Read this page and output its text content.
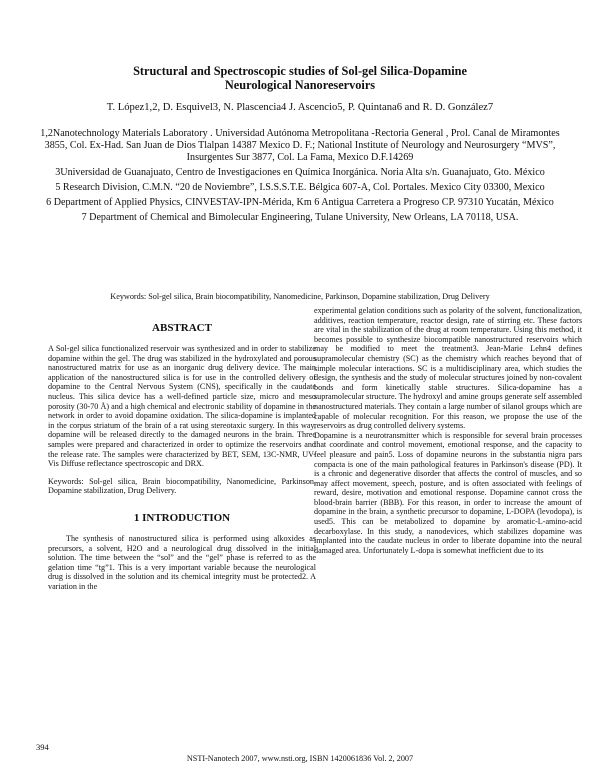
Structural and Spectroscopic studies of Sol-gel Silica-Dopamine
Neurological Nanoreservoirs
T. López1,2, D. Esquivel3, N. Plascencia4 J. Ascencio5, P. Quintana6 and R. D. González7

1,2Nanotechnology Materials Laboratory . Universidad Autónoma Metropolitana -Rectoria General , Prol. Canal de Miramontes 3855, Col. Ex-Had. San Juan de Dios Tlalpan 14387 Mexico D. F.; National Institute of Neurology and Neurosurgery “MVS”, Insurgentes Sur 3877, Col. La Fama, Mexico D.F.14269

3Universidad de Guanajuato, Centro de Investigaciones en Química Inorgánica. Noria Alta s/n. Guanajuato, Gto. México

5 Research Division, C.M.N. “20 de Noviembre”, I.S.S.S.T.E. Bélgica 607-A, Col. Portales. Mexico City 03300, Mexico

6 Department of Applied Physics, CINVESTAV-IPN-Mérida, Km 6 Antigua Carretera a Progreso CP. 97310 Yucatán, México

7 Department of Chemical and Bimolecular Engineering, Tulane University, New Orleans, LA 70118, USA.

Keywords: Sol-gel silica, Brain biocompatibility, Nanomedicine, Parkinson, Dopamine stabilization, Drug Delivery
ABSTRACT

A Sol-gel silica functionalized reservoir was synthesized and in order to stabilize dopamine within the gel. The drug was stabilized in the hydroxylated and porous nanostructured matrix for use as an inorganic drug delivery device. The main application of the nanostructured silica is for use in the controlled delivery of dopamine to the Central Nervous System (CNS), specifically in the caudate nucleus. This silica device has a well-defined particle size, micro and meso porosity (30-70 Å) and a high chemical and electronic stability of dopamine in the network in order to avoid dopamine oxidation. The silica-dopamine is implanted in the corpus striatum of the brain of a rat using stereotaxic surgery. In this way, dopamine will be released directly to the damaged neurons in the brain. Three samples were prepared and characterized in order to optimize the reservoirs and the release rate. The samples were characterized by BET, SEM, 13C-NMR, UV-Vis Diffuse reflectance spectroscopic and DRX.

Keywords: Sol-gel silica, Brain biocompatibility, Nanomedicine, Parkinson, Dopamine stabilization, Drug Delivery.

1 INTRODUCTION

The synthesis of nanostructured silica is performed using alkoxides as precursors, a solvent, H2O and a neurological drug dissolved in the initial solution. The time between the “sol” and the “gel” phase is referred to as the gelation time “tg”1. This is a very important variable because the neurological drug is dissolved in the solution and its chemical integrity must be protected2. A variation in the

experimental gelation conditions such as polarity of the solvent, functionalization, additives, reaction temperature, reactor design, rate of stirring etc. These factors are vital in the stabilization of the drug at room temperature. Using this method, it becomes possible to synthesize biocompatible nanostructured reservoirs which may be modified to meet the treatment3. Jean-Marie Lehn4 defines supramolecular chemistry (SC) as the chemistry which reaches beyond that of simple molecular interactions. SC is a multidisciplinary area, which studies the design, the synthesis and the study of molecular structures joined by non-covalent bonds and form kinetically stable structures. Silica-dopamine has a supramolecular structure. The hydroxyl and amine groups generate self assembled nanostructured materials. They contain a large number of silanol groups which are capable of molecular recognition. For this reason, we propose the use of the reservoirs as drug controlled delivery systems.

Dopamine is a neurotransmitter which is responsible for several brain processes that coordinate and control movement, emotional response, and the capacity to feel pleasure and pain5. Loss of dopamine neurons in the substantia nigra pars compacta is one of the main pathological features in Parkinson's disease (PD). It is a chronic and degenerative disorder that affects the control of muscles, and so may affect movement, speech, posture, and is often associated with feelings of reward, desire, motivation and emotional response. Dopamine cannot cross the blood-brain barrier (BBB). For this reason, in order to increase the amount of dopamine in the brain, a synthetic precursor to dopamine, L-DOPA (levodopa), is used5. This can be metabolized to dopamine by aromatic-L-amino-acid decarboxylase. In this study, a nanodevices, which stabilizes dopamine was implanted into the caudate nucleus in order to liberate dopamine into the neural damaged area. Unfortunately L-dopa is somewhat inefficient due to its

394
NSTI-Nanotech 2007, www.nsti.org, ISBN 1420061836 Vol. 2, 2007
